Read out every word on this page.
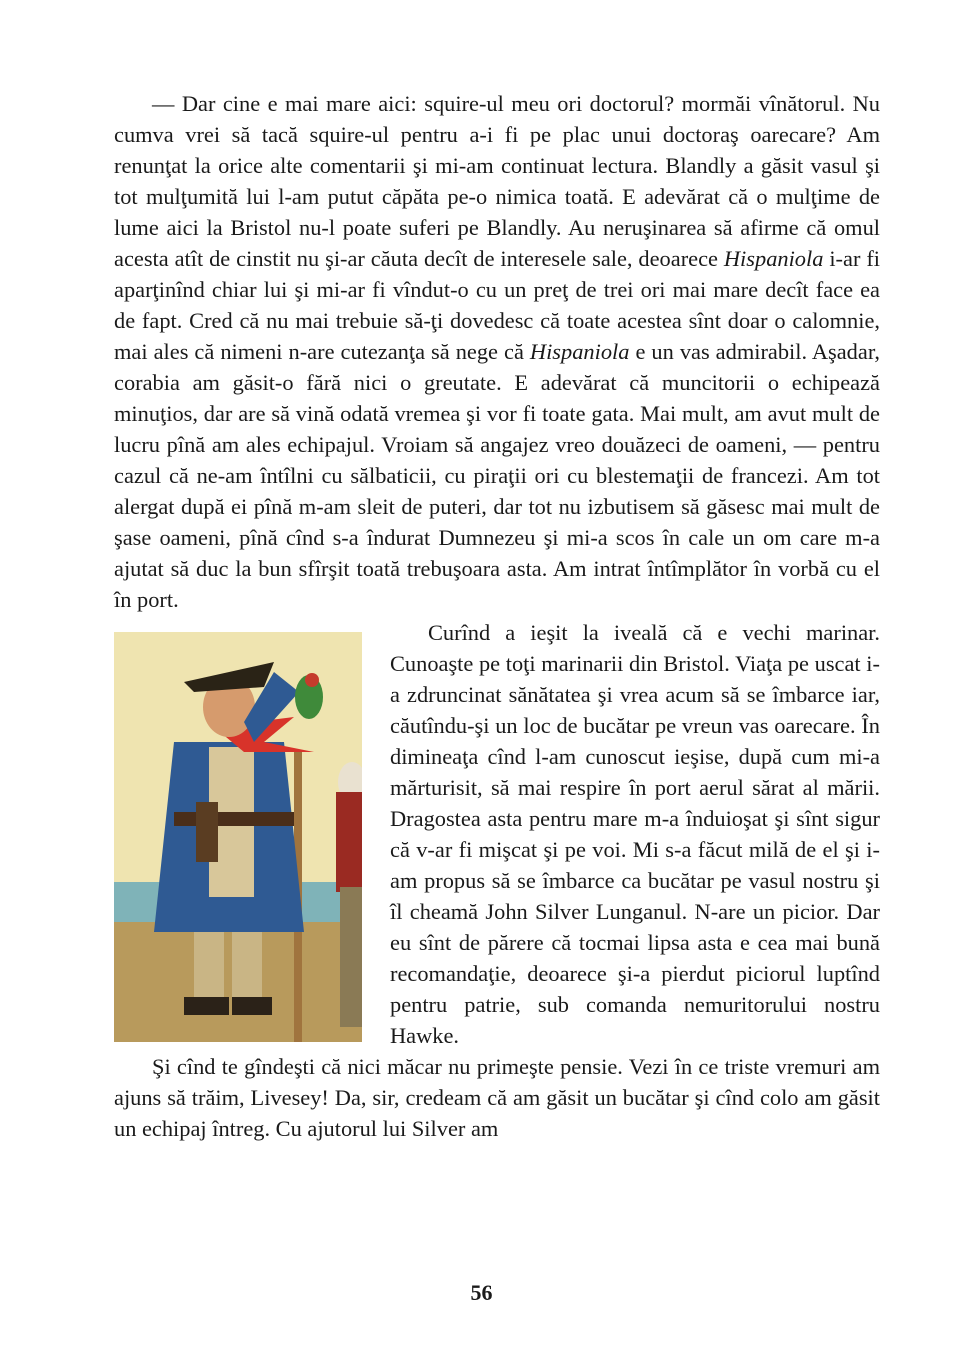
— Dar cine e mai mare aici: squire-ul meu ori doctorul? mormăi vînătorul. Nu cumva vrei să tacă squire-ul pentru a-i fi pe plac unui doctoraş oarecare? Am renunţat la orice alte comentarii şi mi-am continuat lectura. Blandly a găsit vasul şi tot mulţumită lui l-am putut căpăta pe-o nimica toată. E adevărat că o mulţime de lume aici la Bristol nu-l poate suferi pe Blandly. Au neruşinarea să afirme că omul acesta atît de cinstit nu şi-ar căuta decît de interesele sale, deoarece Hispaniola i-ar fi aparţinînd chiar lui şi mi-ar fi vîndut-o cu un preţ de trei ori mai mare decît face ea de fapt. Cred că nu mai trebuie să-ţi dovedesc că toate acestea sînt doar o calomnie, mai ales că nimeni n-are cutezanţa să nege că Hispaniola e un vas admirabil. Aşadar, corabia am găsit-o fără nici o greutate. E adevărat că muncitorii o echipează minuţios, dar are să vină odată vremea şi vor fi toate gata. Mai mult, am avut mult de lucru pînă am ales echipajul. Vroiam să angajez vreo douăzeci de oameni, — pentru cazul că ne-am întîlni cu sălbaticii, cu piraţii ori cu blestemaţii de francezi. Am tot alergat după ei pînă m-am sleit de puteri, dar tot nu izbutisem să găsesc mai mult de şase oameni, pînă cînd s-a îndurat Dumnezeu şi mi-a scos în cale un om care m-a ajutat să duc la bun sfîrşit toată trebuşoara asta. Am intrat întîmplător în vorbă cu el în port.

Curînd a ieşit la iveală că e vechi marinar. Cunoaşte pe toţi marinarii din Bristol. Viaţa pe uscat i-a zdruncinat sănătatea şi vrea acum să se îmbarce iar, căutîndu-şi un loc de bucătar pe vreun vas oarecare. În dimineaţa cînd l-am cunoscut ieşise, după cum mi-a mărturisit, să mai respire în port aerul sărat al mării. Dragostea asta pentru mare m-a înduioşat şi sînt sigur că v-ar fi mişcat şi pe voi. Mi s-a făcut milă de el şi i-am propus să se îmbarce ca bucătar pe vasul nostru şi îl cheamă John Silver Lunganul. N-are un picior. Dar eu sînt de părere că tocmai lipsa asta e cea mai bună recomandaţie, deoarece şi-a pierdut piciorul luptînd pentru patrie, sub comanda nemuritorului nostru Hawke.

Şi cînd te gîndeşti că nici măcar nu primeşte pensie. Vezi în ce triste vremuri am ajuns să trăim, Livesey! Da, sir, credeam că am găsit un bucătar şi cînd colo am găsit un echipaj întreg. Cu ajutorul lui Silver am

56
